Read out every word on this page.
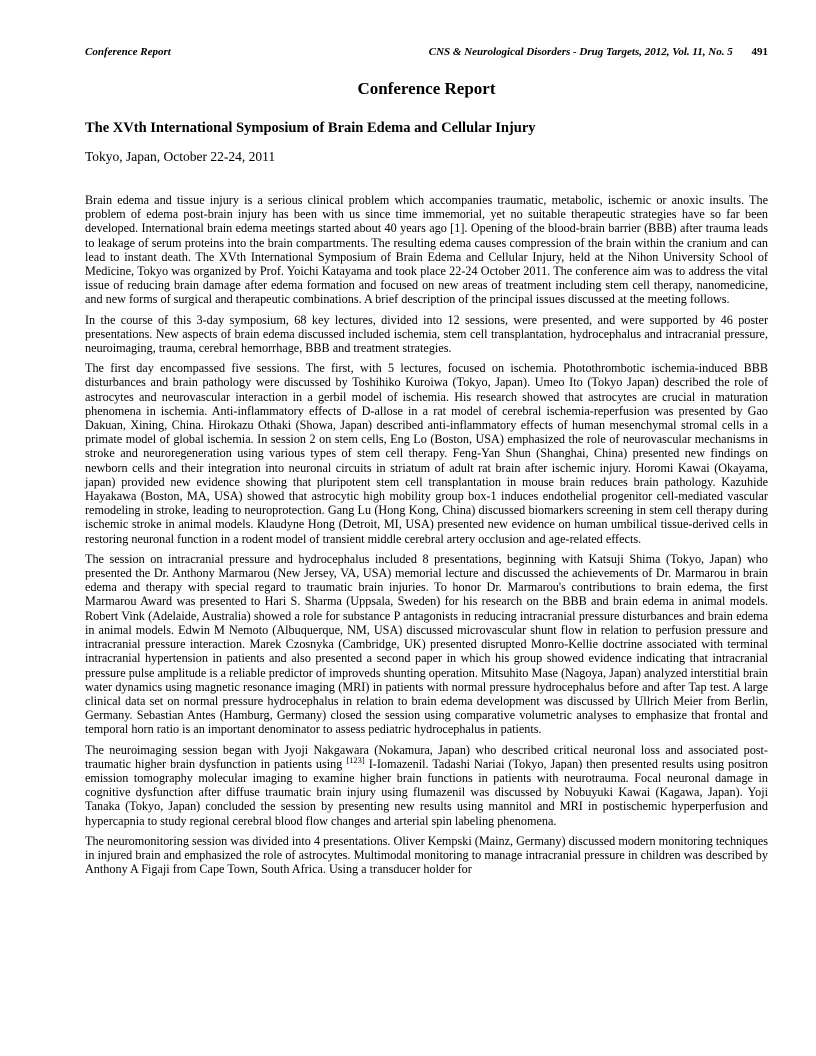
Conference Report	CNS & Neurological Disorders - Drug Targets, 2012, Vol. 11, No. 5 491
Conference Report
The XVth International Symposium of Brain Edema and Cellular Injury
Tokyo, Japan, October 22-24, 2011

Brain edema and tissue injury is a serious clinical problem which accompanies traumatic, metabolic, ischemic or anoxic insults. The problem of edema post-brain injury has been with us since time immemorial, yet no suitable therapeutic strategies have so far been developed. International brain edema meetings started about 40 years ago [1]. Opening of the blood-brain barrier (BBB) after trauma leads to leakage of serum proteins into the brain compartments. The resulting edema causes compression of the brain within the cranium and can lead to instant death. The XVth International Symposium of Brain Edema and Cellular Injury, held at the Nihon University School of Medicine, Tokyo was organized by Prof. Yoichi Katayama and took place 22-24 October 2011. The conference aim was to address the vital issue of reducing brain damage after edema formation and focused on new areas of treatment including stem cell therapy, nanomedicine, and new forms of surgical and therapeutic combinations. A brief description of the principal issues discussed at the meeting follows.

In the course of this 3-day symposium, 68 key lectures, divided into 12 sessions, were presented, and were supported by 46 poster presentations. New aspects of brain edema discussed included ischemia, stem cell transplantation, hydrocephalus and intracranial pressure, neuroimaging, trauma, cerebral hemorrhage, BBB and treatment strategies.

The first day encompassed five sessions. The first, with 5 lectures, focused on ischemia. Photothrombotic ischemia-induced BBB disturbances and brain pathology were discussed by Toshihiko Kuroiwa (Tokyo, Japan). Umeo Ito (Tokyo Japan) described the role of astrocytes and neurovascular interaction in a gerbil model of ischemia. His research showed that astrocytes are crucial in maturation phenomena in ischemia. Anti-inflammatory effects of D-allose in a rat model of cerebral ischemia-reperfusion was presented by Gao Dakuan, Xining, China. Hirokazu Othaki (Showa, Japan) described anti-inflammatory effects of human mesenchymal stromal cells in a primate model of global ischemia. In session 2 on stem cells, Eng Lo (Boston, USA) emphasized the role of neurovascular mechanisms in stroke and neuroregeneration using various types of stem cell therapy. Feng-Yan Shun (Shanghai, China) presented new findings on newborn cells and their integration into neuronal circuits in striatum of adult rat brain after ischemic injury. Horomi Kawai (Okayama, japan) provided new evidence showing that pluripotent stem cell transplantation in mouse brain reduces brain pathology. Kazuhide Hayakawa (Boston, MA, USA) showed that astrocytic high mobility group box-1 induces endothelial progenitor cell-mediated vascular remodeling in stroke, leading to neuroprotection. Gang Lu (Hong Kong, China) discussed biomarkers screening in stem cell therapy during ischemic stroke in animal models. Klaudyne Hong (Detroit, MI, USA) presented new evidence on human umbilical tissue-derived cells in restoring neuronal function in a rodent model of transient middle cerebral artery occlusion and age-related effects.

The session on intracranial pressure and hydrocephalus included 8 presentations, beginning with Katsuji Shima (Tokyo, Japan) who presented the Dr. Anthony Marmarou (New Jersey, VA, USA) memorial lecture and discussed the achievements of Dr. Marmarou in brain edema and therapy with special regard to traumatic brain injuries. To honor Dr. Marmarou's contributions to brain edema, the first Marmarou Award was presented to Hari S. Sharma (Uppsala, Sweden) for his research on the BBB and brain edema in animal models. Robert Vink (Adelaide, Australia) showed a role for substance P antagonists in reducing intracranial pressure disturbances and brain edema in animal models. Edwin M Nemoto (Albuquerque, NM, USA) discussed microvascular shunt flow in relation to perfusion pressure and intracranial pressure interaction. Marek Czosnyka (Cambridge, UK) presented disrupted Monro-Kellie doctrine associated with terminal intracranial hypertension in patients and also presented a second paper in which his group showed evidence indicating that intracranial pressure pulse amplitude is a reliable predictor of improveds shunting operation. Mitsuhito Mase (Nagoya, Japan) analyzed interstitial brain water dynamics using magnetic resonance imaging (MRI) in patients with normal pressure hydrocephalus before and after Tap test. A large clinical data set on normal pressure hydrocephalus in relation to brain edema development was discussed by Ullrich Meier from Berlin, Germany. Sebastian Antes (Hamburg, Germany) closed the session using comparative volumetric analyses to emphasize that frontal and temporal horn ratio is an important denominator to assess pediatric hydrocephalus in patients.

The neuroimaging session began with Jyoji Nakgawara (Nokamura, Japan) who described critical neuronal loss and associated post-traumatic higher brain dysfunction in patients using [123] I-Iomazenil. Tadashi Nariai (Tokyo, Japan) then presented results using positron emission tomography molecular imaging to examine higher brain functions in patients with neurotrauma. Focal neuronal damage in cognitive dysfunction after diffuse traumatic brain injury using flumazenil was discussed by Nobuyuki Kawai (Kagawa, Japan). Yoji Tanaka (Tokyo, Japan) concluded the session by presenting new results using mannitol and MRI in postischemic hyperperfusion and hypercapnia to study regional cerebral blood flow changes and arterial spin labeling phenomena.

The neuromonitoring session was divided into 4 presentations. Oliver Kempski (Mainz, Germany) discussed modern monitoring techniques in injured brain and emphasized the role of astrocytes. Multimodal monitoring to manage intracranial pressure in children was described by Anthony A Figaji from Cape Town, South Africa. Using a transducer holder for
